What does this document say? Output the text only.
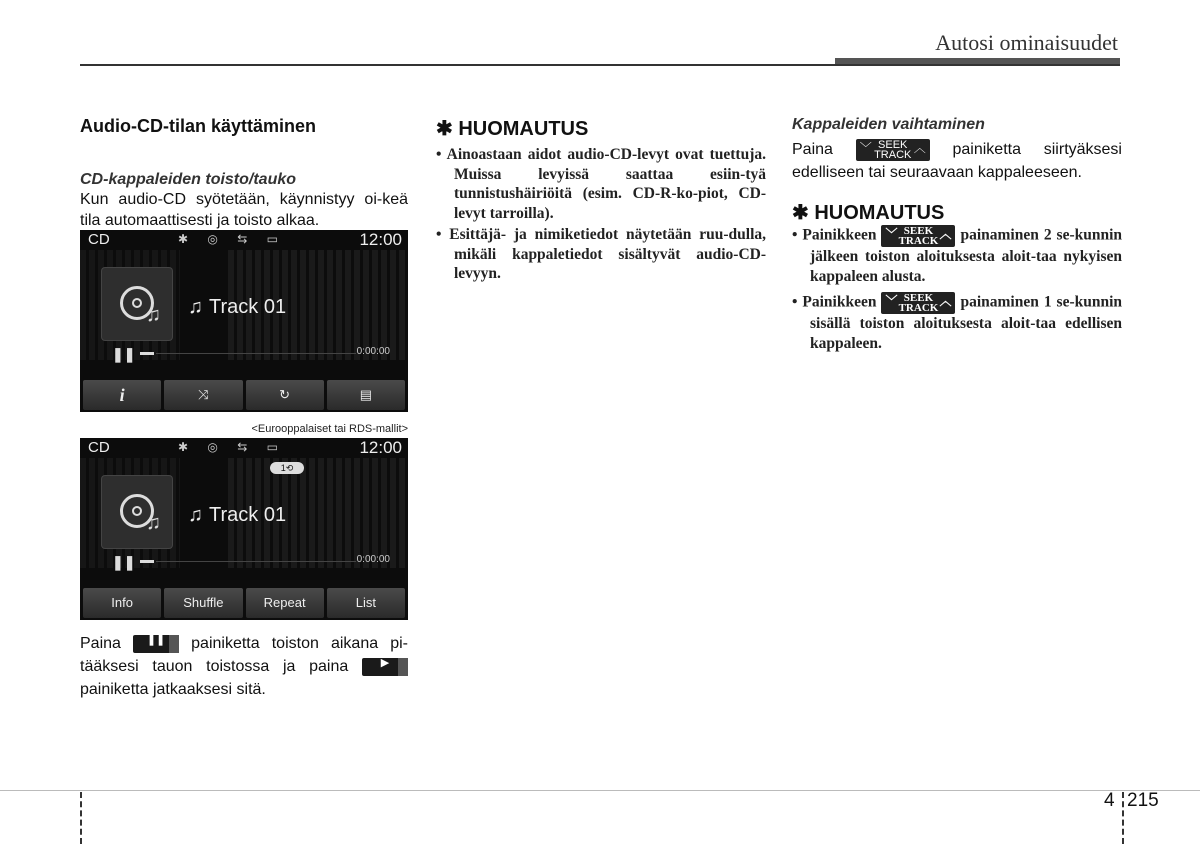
Autosi ominaisuudet
Audio-CD-tilan käyttäminen
CD-kappaleiden toisto/tauko
Kun audio-CD syötetään, käynnistyy oi-keä tila automaattisesti ja toisto alkaa.
CD	✱ ◎ ⇆ ▭	12:00
♫ ♫ Track 01
❚❚	0:00:00
i	⤨	↻	▤
<Eurooppalaiset tai RDS-mallit>
CD	✱ ◎ ⇆ ▭	12:00
1⟲
♫ ♫ Track 01
❚❚	0:00:00
Info	Shuffle	Repeat	List
Paina ❚❚ painiketta toiston aikana pi-tääksesi tauon toistossa ja paina	▶ painiketta jatkaaksesi sitä.
✱ HUOMAUTUS
• Ainoastaan aidot audio-CD-levyt ovat tuettuja. Muissa levyissä saattaa esiin-tyä tunnistushäiriöitä (esim. CD-R-ko-piot, CD-levyt tarroilla).
• Esittäjä- ja nimiketiedot näytetään ruu-dulla, mikäli kappaletiedot sisältyvät audio-CD-levyyn.
Kappaleiden vaihtaminen
Paina ﹀ SEEK
TRACK ︿ painiketta siirtyäksesi edelliseen tai seuraavaan kappaleeseen.
✱ HUOMAUTUS
• Painikkeen ﹀ SEEK
TRACK ︿ painaminen 2 se-kunnin jälkeen toiston aloituksesta aloit-taa nykyisen kappaleen alusta.
• Painikkeen ﹀ SEEK
TRACK ︿ painaminen 1 se-kunnin sisällä toiston aloituksesta aloit-taa edellisen kappaleen.
4 215
